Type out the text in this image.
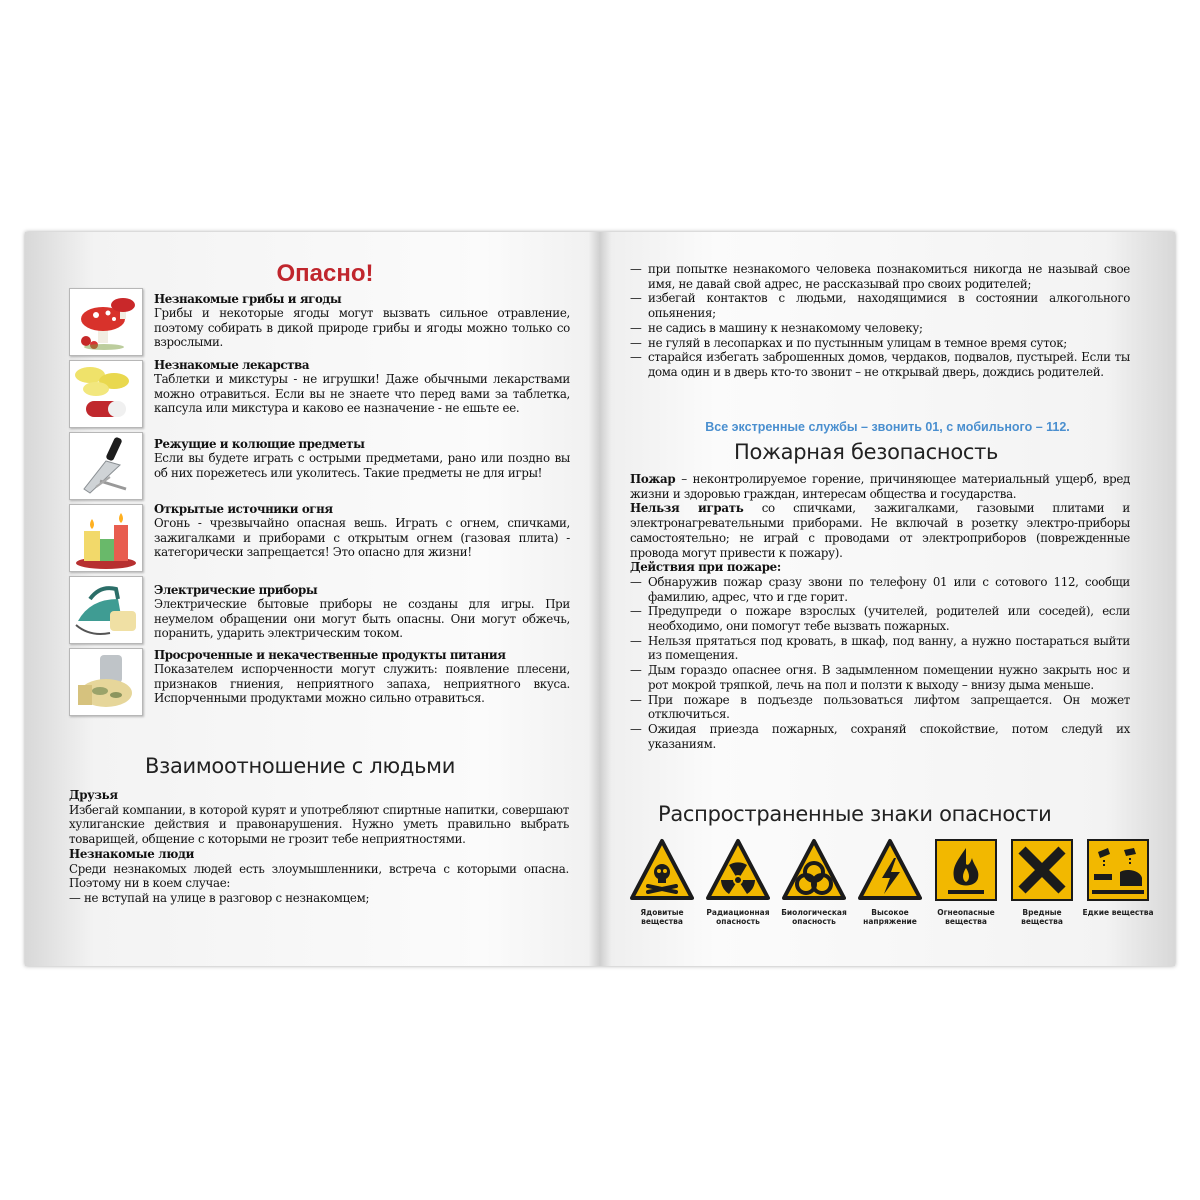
Опасно!
Незнакомые грибы и ягоды

Грибы и некоторые ягоды могут вызвать сильное отравление, поэтому собирать в дикой природе грибы и ягоды можно только со взрослыми.

Незнакомые лекарства

Таблетки и микстуры - не игрушки! Даже обычными лекарствами можно отравиться. Если вы не знаете что перед вами за таблетка, капсула или микстура и каково ее назначение - не ешьте ее.

Режущие и колющие предметы

Если вы будете играть с острыми предметами, рано или поздно вы об них порежетесь или уколитесь. Такие предметы не для игры!

Открытые источники огня

Огонь - чрезвычайно опасная вешь. Играть с огнем, спичками, зажигалками и приборами с открытым огнем (газовая плита) - категорически запрещается! Это опасно для жизни!

Электрические приборы

Электрические бытовые приборы не созданы для игры. При неумелом обращении они могут быть опасны. Они могут обжечь, поранить, ударить электрическим током.

Просроченные и некачественные продукты питания

Показателем испорченности могут служить: появление плесени, признаков гниения, неприятного запаха, неприятного вкуса. Испорченными продуктами можно сильно отравиться.

Взаимоотношение с людьми
Друзья

Избегай компании, в которой курят и употребляют спиртные напитки, совершают хулиганские действия и правонарушения. Нужно уметь правильно выбрать товарищей, общение с которыми не грозит тебе неприятностями.

Незнакомые люди

Среди незнакомых людей есть злоумышленники, встреча с которыми опасна. Поэтому ни в коем случае:

— не вступай на улице в разговор с незнакомцем;

— при попытке незнакомого человека познакомиться никогда не называй свое имя, не давай свой адрес, не рассказывай про своих родителей;
— избегай контактов с людьми, находящимися в состоянии алкогольного опьянения;
— не садись в машину к незнакомому человеку;
— не гуляй в лесопарках и по пустынным улицам в темное время суток;
— старайся избегать заброшенных домов, чердаков, подвалов, пустырей. Если ты дома один и в дверь кто-то звонит – не открывай дверь, дождись родителей.
Все экстренные службы – звонить 01, с мобильного – 112.
Пожарная безопасность

Пожар – неконтролируемое горение, причиняющее материальный ущерб, вред жизни и здоровью граждан, интересам общества и государства.

Нельзя играть со спичками, зажигалками, газовыми плитами и электронагревательными приборами. Не включай в розетку электро-приборы самостоятельно; не играй с проводами от электроприборов (поврежденные провода могут привести к пожару).

Действия при пожаре:
— Обнаружив пожар сразу звони по телефону 01 или с сотового 112, сообщи фамилию, адрес, что и где горит.
— Предупреди о пожаре взрослых (учителей, родителей или соседей), если необходимо, они помогут тебе вызвать пожарных.
— Нельзя прятаться под кровать, в шкаф, под ванну, а нужно постараться выйти из помещения.
— Дым гораздо опаснее огня. В задымленном помещении нужно закрыть нос и рот мокрой тряпкой, лечь на пол и ползти к выходу – внизу дыма меньше.
— При пожаре в подъезде пользоваться лифтом запрещается. Он может отключиться.
— Ожидая приезда пожарных, сохраняй спокойствие, потом следуй их указаниям.
Распространенные знаки опасности
Ядовитые вещества
Радиационная опасность
Биологическая опасность
Высокое напряжение
Огнеопасные вещества
Вредные вещества
Едкие вещества
